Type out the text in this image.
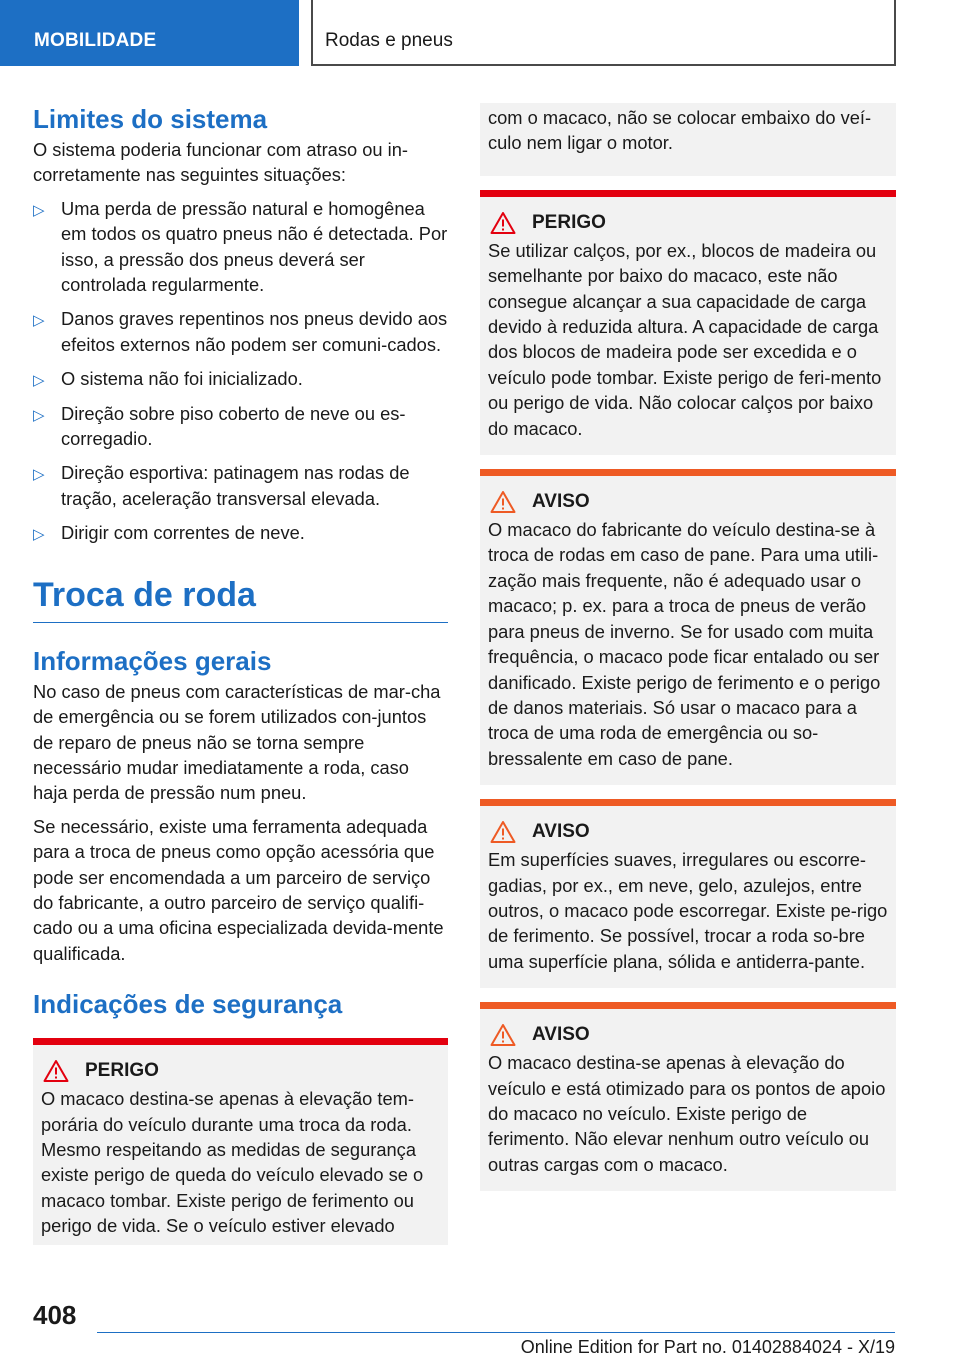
MOBILIDADE	Rodas e pneus
Limites do sistema

O sistema poderia funcionar com atraso ou in-corretamente nas seguintes situações:

▷ Uma perda de pressão natural e homogênea em todos os quatro pneus não é detectada. Por isso, a pressão dos pneus deverá ser controlada regularmente.
▷ Danos graves repentinos nos pneus devido aos efeitos externos não podem ser comuni-cados.
▷ O sistema não foi inicializado.
▷ Direção sobre piso coberto de neve ou es-corregadio.
▷ Direção esportiva: patinagem nas rodas de tração, aceleração transversal elevada.
▷ Dirigir com correntes de neve.
Troca de roda
Informações gerais

No caso de pneus com características de mar-cha de emergência ou se forem utilizados con-juntos de reparo de pneus não se torna sempre necessário mudar imediatamente a roda, caso haja perda de pressão num pneu.

Se necessário, existe uma ferramenta adequada para a troca de pneus como opção acessória que pode ser encomendada a um parceiro de serviço do fabricante, a outro parceiro de serviço qualifi-cado ou a uma oficina especializada devida-mente qualificada.

Indicações de segurança
PERIGO

O macaco destina-se apenas à elevação tem-porária do veículo durante uma troca da roda. Mesmo respeitando as medidas de segurança existe perigo de queda do veículo elevado se o macaco tombar. Existe perigo de ferimento ou perigo de vida. Se o veículo estiver elevado

com o macaco, não se colocar embaixo do veí-culo nem ligar o motor.

PERIGO

Se utilizar calços, por ex., blocos de madeira ou semelhante por baixo do macaco, este não consegue alcançar a sua capacidade de carga devido à reduzida altura. A capacidade de carga dos blocos de madeira pode ser excedida e o veículo pode tombar. Existe perigo de feri-mento ou perigo de vida. Não colocar calços por baixo do macaco.

AVISO

O macaco do fabricante do veículo destina-se à troca de rodas em caso de pane. Para uma utili-zação mais frequente, não é adequado usar o macaco; p. ex. para a troca de pneus de verão para pneus de inverno. Se for usado com muita frequência, o macaco pode ficar entalado ou ser danificado. Existe perigo de ferimento e o perigo de danos materiais. Só usar o macaco para a troca de uma roda de emergência ou so-bressalente em caso de pane.

AVISO

Em superfícies suaves, irregulares ou escorre-gadias, por ex., em neve, gelo, azulejos, entre outros, o macaco pode escorregar. Existe pe-rigo de ferimento. Se possível, trocar a roda so-bre uma superfície plana, sólida e antiderra-pante.

AVISO

O macaco destina-se apenas à elevação do veículo e está otimizado para os pontos de apoio do macaco no veículo. Existe perigo de ferimento. Não elevar nenhum outro veículo ou outras cargas com o macaco.

408
Online Edition for Part no. 01402884024 - X/19
